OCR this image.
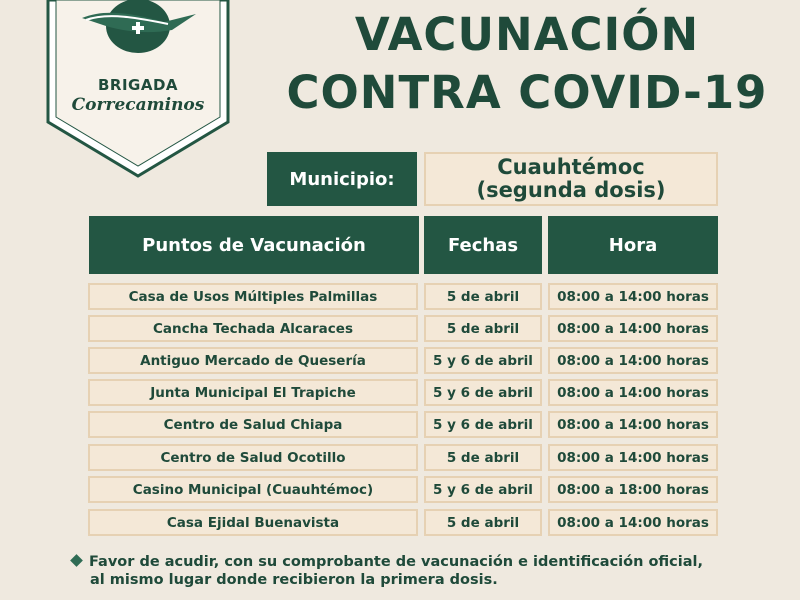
BRIGADA
Correcaminos
VACUNACIÓN
CONTRA COVID-19
Municipio:	Cuauhtémoc
(segunda dosis)
Puntos de Vacunación	Fechas	Hora
Casa de Usos Múltiples Palmillas	5 de abril	08:00 a 14:00 horas
Cancha Techada Alcaraces	5 de abril	08:00 a 14:00 horas
Antiguo Mercado de Quesería	5 y 6 de abril	08:00 a 14:00 horas
Junta Municipal El Trapiche	5 y 6 de abril	08:00 a 14:00 horas
Centro de Salud Chiapa	5 y 6 de abril	08:00 a 14:00 horas
Centro de Salud Ocotillo	5 de abril	08:00 a 14:00 horas
Casino Municipal (Cuauhtémoc)	5 y 6 de abril	08:00 a 18:00 horas
Casa Ejidal Buenavista	5 de abril	08:00 a 14:00 horas
Favor de acudir, con su comprobante de vacunación e identificación oficial,
al mismo lugar donde recibieron la primera dosis.
